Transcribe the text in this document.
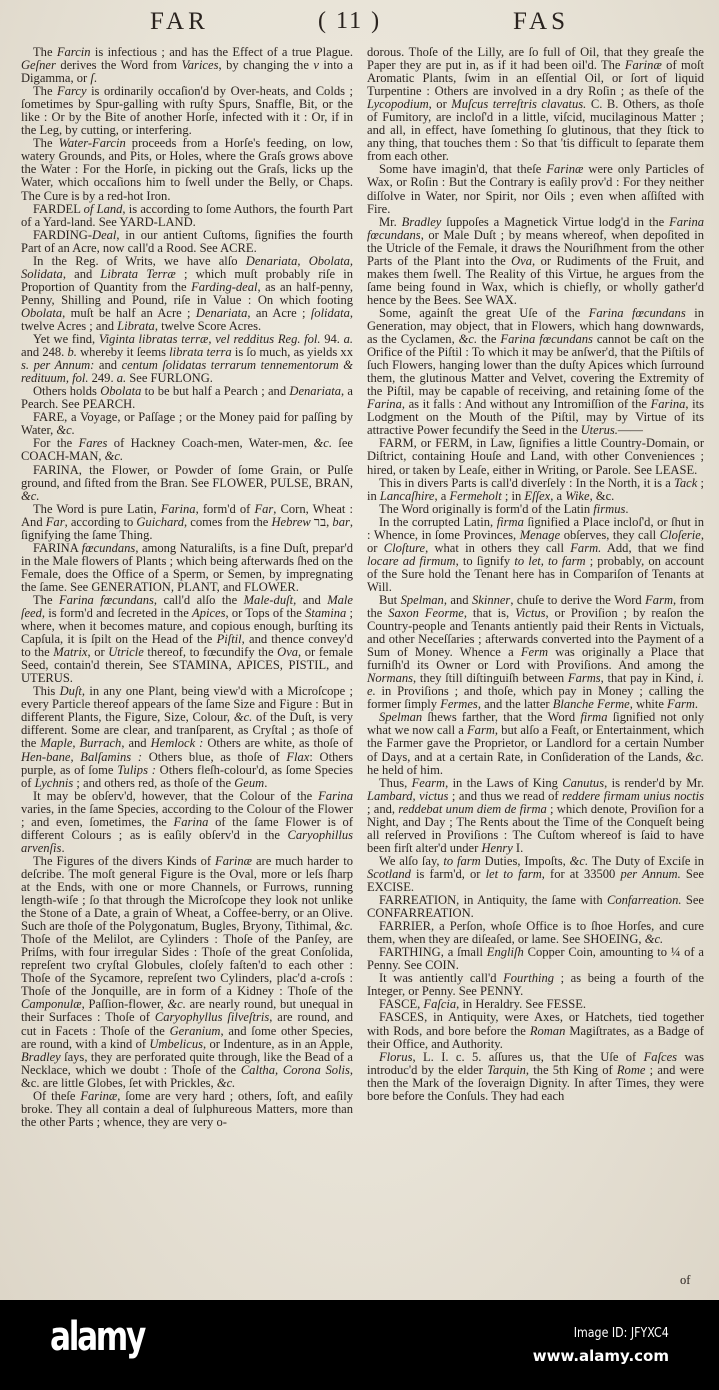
FAR	( 11 )	FAS

The Farcin is infectious ; and has the Effect of a true Plague. Geſner derives the Word from Varices, by changing the v into a Digamma, or ſ.

The Farcy is ordinarily occaſion'd by Over-heats, and Colds ; ſometimes by Spur-galling with ruſty Spurs, Snaffle, Bit, or the like : Or by the Bite of another Horſe, infected with it : Or, if in the Leg, by cutting, or interfering.

The Water-Farcin proceeds from a Horſe's feeding, on low, watery Grounds, and Pits, or Holes, where the Graſs grows above the Water : For the Horſe, in picking out the Graſs, licks up the Water, which occaſions him to ſwell under the Belly, or Chaps. The Cure is by a red-hot Iron.

FARDEL of Land, is according to ſome Authors, the fourth Part of a Yard-land. See YARD-LAND.

FARDING-Deal, in our antient Cuſtoms, ſignifies the fourth Part of an Acre, now call'd a Rood. See ACRE.

In the Reg. of Writs, we have alſo Denariata, Obolata, Solidata, and Librata Terræ ; which muſt probably riſe in Proportion of Quantity from the Farding-deal, as an half-penny, Penny, Shilling and Pound, riſe in Value : On which footing Obolata, muſt be half an Acre ; Denariata, an Acre ; ſolidata, twelve Acres ; and Librata, twelve Score Acres.

Yet we find, Viginta libratas terræ, vel redditus Reg. fol. 94. a. and 248. b. whereby it ſeems librata terra is ſo much, as yields xx s. per Annum: and centum ſolidatas terrarum tennementorum & redituum, fol. 249. a. See FURLONG.

Others holds Obolata to be but half a Pearch ; and Denariata, a Pearch. See PEARCH.

FARE, a Voyage, or Paſſage ; or the Money paid for paſſing by Water, &c.

For the Fares of Hackney Coach-men, Water-men, &c. ſee COACH-MAN, &c.

FARINA, the Flower, or Powder of ſome Grain, or Pulſe ground, and ſifted from the Bran. See FLOWER, PULSE, BRAN, &c.

The Word is pure Latin, Farina, form'd of Far, Corn, Wheat : And Far, according to Guichard, comes from the Hebrew בר, bar, ſignifying the ſame Thing.

FARINA fœcundans, among Naturaliſts, is a fine Duſt, prepar'd in the Male flowers of Plants ; which being afterwards ſhed on the Female, does the Office of a Sperm, or Semen, by impregnating the ſame. See GENERATION, PLANT, and FLOWER.

The Farina fœcundans, call'd alſo the Male-duſt, and Male ſeed, is form'd and ſecreted in the Apices, or Tops of the Stamina ; where, when it becomes mature, and copious enough, burſting its Capſula, it is ſpilt on the Head of the Piſtil, and thence convey'd to the Matrix, or Utricle thereof, to fœcundify the Ova, or female Seed, contain'd therein, See STAMINA, APICES, PISTIL, and UTERUS.

This Duſt, in any one Plant, being view'd with a Microſcope ; every Particle thereof appears of the ſame Size and Figure : But in different Plants, the Figure, Size, Colour, &c. of the Duſt, is very different. Some are clear, and tranſparent, as Cryſtal ; as thoſe of the Maple, Burrach, and Hemlock : Others are white, as thoſe of Hen-bane, Balſamins : Others blue, as thoſe of Flax: Others purple, as of ſome Tulips : Others fleſh-colour'd, as ſome Species of Lychnis ; and others red, as thoſe of the Geum.

It may be obſerv'd, however, that the Colour of the Farina varies, in the ſame Species, according to the Colour of the Flower ; and even, ſometimes, the Farina of the ſame Flower is of different Colours ; as is eaſily obſerv'd in the Caryophillus arvenſis.

The Figures of the divers Kinds of Farinæ are much harder to deſcribe. The moſt general Figure is the Oval, more or leſs ſharp at the Ends, with one or more Channels, or Furrows, running length-wiſe ; ſo that through the Microſcope they look not unlike the Stone of a Date, a grain of Wheat, a Coffee-berry, or an Olive. Such are thoſe of the Polygonatum, Bugles, Bryony, Tithimal, &c. Thoſe of the Melilot, are Cylinders : Thoſe of the Panſey, are Priſms, with four irregular Sides : Thoſe of the great Conſolida, repreſent two cryſtal Globules, cloſely faſten'd to each other : Thoſe of the Sycamore, repreſent two Cylinders, plac'd a-croſs : Thoſe of the Jonquille, are in form of a Kidney : Thoſe of the Camponulæ, Paſſion-flower, &c. are nearly round, but unequal in their Surfaces : Thoſe of Caryophyllus ſilveſtris, are round, and cut in Facets : Thoſe of the Geranium, and ſome other Species, are round, with a kind of Umbelicus, or Indenture, as in an Apple, Bradley ſays, they are perforated quite through, like the Bead of a Necklace, which we doubt : Thoſe of the Caltha, Corona Solis, &c. are little Globes, ſet with Prickles, &c.

Of theſe Farinæ, ſome are very hard ; others, ſoft, and eaſily broke. They all contain a deal of ſulphureous Matters, more than the other Parts ; whence, they are very o-

dorous. Thoſe of the Lilly, are ſo full of Oil, that they greaſe the Paper they are put in, as if it had been oil'd. The Farinæ of moſt Aromatic Plants, ſwim in an eſſential Oil, or ſort of liquid Turpentine : Others are involved in a dry Roſin ; as theſe of the Lycopodium, or Muſcus terreſtris clavatus. C. B. Others, as thoſe of Fumitory, are incloſ'd in a little, viſcid, mucilaginous Matter ; and all, in effect, have ſomething ſo glutinous, that they ſtick to any thing, that touches them : So that 'tis difficult to ſeparate them from each other.

Some have imagin'd, that theſe Farinæ were only Particles of Wax, or Roſin : But the Contrary is eaſily prov'd : For they neither diſſolve in Water, nor Spirit, nor Oils ; even when aſſiſted with Fire.

Mr. Bradley ſuppoſes a Magnetick Virtue lodg'd in the Farina fœcundans, or Male Duſt ; by means whereof, when depoſited in the Utricle of the Female, it draws the Nouriſhment from the other Parts of the Plant into the Ova, or Rudiments of the Fruit, and makes them ſwell. The Reality of this Virtue, he argues from the ſame being found in Wax, which is chiefly, or wholly gather'd hence by the Bees. See WAX.

Some, againſt the great Uſe of the Farina fœcundans in Generation, may object, that in Flowers, which hang downwards, as the Cyclamen, &c. the Farina fœcundans cannot be caſt on the Orifice of the Piſtil : To which it may be anſwer'd, that the Piſtils of ſuch Flowers, hanging lower than the duſty Apices which ſurround them, the glutinous Matter and Velvet, covering the Extremity of the Piſtil, may be capable of receiving, and retaining ſome of the Farina, as it falls : And without any Intromiſſion of the Farina, its Lodgment on the Mouth of the Piſtil, may by Virtue of its attractive Power fecundify the Seed in the Uterus.——

FARM, or FERM, in Law, ſignifies a little Country-Domain, or Diſtrict, containing Houſe and Land, with other Conveniences ; hired, or taken by Leaſe, either in Writing, or Parole. See LEASE.

This in divers Parts is call'd diverſely : In the North, it is a Tack ; in Lancaſhire, a Fermeholt ; in Eſſex, a Wike, &c.

The Word originally is form'd of the Latin firmus.

In the corrupted Latin, firma ſignified a Place incloſ'd, or ſhut in : Whence, in ſome Provinces, Menage obſerves, they call Cloſerie, or Cloſture, what in others they call Farm. Add, that we find locare ad firmum, to ſignify to let, to farm ; probably, on account of the Sure hold the Tenant here has in Compariſon of Tenants at Will.

But Spelman, and Skinner, chuſe to derive the Word Farm, from the Saxon Feorme, that is, Victus, or Proviſion ; by reaſon the Country-people and Tenants antiently paid their Rents in Victuals, and other Neceſſaries ; afterwards converted into the Payment of a Sum of Money. Whence a Ferm was originally a Place that furniſh'd its Owner or Lord with Proviſions. And among the Normans, they ſtill diſtinguiſh between Farms, that pay in Kind, i. e. in Proviſions ; and thoſe, which pay in Money ; calling the former ſimply Fermes, and the latter Blanche Ferme, white Farm.

Spelman ſhews farther, that the Word firma ſignified not only what we now call a Farm, but alſo a Feaſt, or Entertainment, which the Farmer gave the Proprietor, or Landlord for a certain Number of Days, and at a certain Rate, in Conſideration of the Lands, &c. he held of him.

Thus, Fearm, in the Laws of King Canutus, is render'd by Mr. Lambard, victus ; and thus we read of reddere firmam unius noctis ; and, reddebat unum diem de firma ; which denote, Proviſion for a Night, and Day ; The Rents about the Time of the Conqueſt being all reſerved in Proviſions : The Cuſtom whereof is ſaid to have been firſt alter'd under Henry I.

We alſo ſay, to farm Duties, Impoſts, &c. The Duty of Exciſe in Scotland is farm'd, or let to farm, for at 33500 per Annum. See EXCISE.

FARREATION, in Antiquity, the ſame with Confarreation. See CONFARREATION.

FARRIER, a Perſon, whoſe Office is to ſhoe Horſes, and cure them, when they are diſeaſed, or lame. See SHOEING, &c.

FARTHING, a ſmall Engliſh Copper Coin, amounting to ¼ of a Penny. See COIN.

It was antiently call'd Fourthing ; as being a fourth of the Integer, or Penny. See PENNY.

FASCE, Faſcia, in Heraldry. See FESSE.

FASCES, in Antiquity, were Axes, or Hatchets, tied together with Rods, and bore before the Roman Magiſtrates, as a Badge of their Office, and Authority.

Florus, L. I. c. 5. aſſures us, that the Uſe of Faſces was introduc'd by the elder Tarquin, the 5th King of Rome ; and were then the Mark of the ſoveraign Dignity. In after Times, they were bore before the Conſuls. They had each

of
alamy	Image ID: JFYXC4
www.alamy.com
